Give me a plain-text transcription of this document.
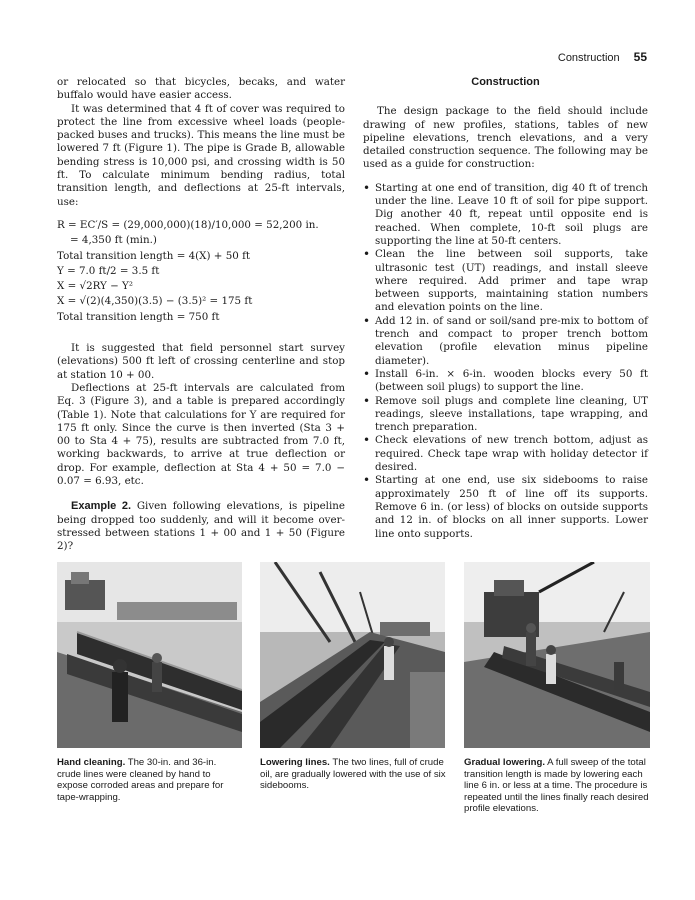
Construction 55

or relocated so that bicycles, becaks, and water buffalo would have easier access.

It was determined that 4 ft of cover was required to protect the line from excessive wheel loads (people-packed buses and trucks). This means the line must be lowered 7 ft (Figure 1). The pipe is Grade B, allowable bending stress is 10,000 psi, and crossing width is 50 ft. To calculate minimum bending radius, total transition length, and deflections at 25-ft intervals, use:

R = EC′/S = (29,000,000)(18)/10,000 = 52,200 in.
= 4,350 ft (min.)
Total transition length = 4(X) + 50 ft
Y = 7.0 ft/2 = 3.5 ft
X = √2RY − Y²
X = √(2)(4,350)(3.5) − (3.5)² = 175 ft
Total transition length = 750 ft

It is suggested that field personnel start survey (elevations) 500 ft left of crossing centerline and stop at station 10 + 00.

Deflections at 25-ft intervals are calculated from Eq. 3 (Figure 3), and a table is prepared accordingly (Table 1). Note that calculations for Y are required for 175 ft only. Since the curve is then inverted (Sta 3 + 00 to Sta 4 + 75), results are subtracted from 7.0 ft, working backwards, to arrive at true deflection or drop. For example, deflection at Sta 4 + 50 = 7.0 − 0.07 = 6.93, etc.

Example 2. Given following elevations, is pipeline being dropped too suddenly, and will it become over-stressed between stations 1 + 00 and 1 + 50 (Figure 2)?

Construction

The design package to the field should include drawing of new profiles, stations, tables of new pipeline elevations, trench elevations, and a very detailed construction sequence. The following may be used as a guide for construction:

• Starting at one end of transition, dig 40 ft of trench under the line. Leave 10 ft of soil for pipe support. Dig another 40 ft, repeat until opposite end is reached. When complete, 10-ft soil plugs are supporting the line at 50-ft centers.
• Clean the line between soil supports, take ultrasonic test (UT) readings, and install sleeve where required. Add primer and tape wrap between supports, maintaining station numbers and elevation points on the line.
• Add 12 in. of sand or soil/sand pre-mix to bottom of trench and compact to proper trench bottom elevation (profile elevation minus pipeline diameter).
• Install 6-in. × 6-in. wooden blocks every 50 ft (between soil plugs) to support the line.
• Remove soil plugs and complete line cleaning, UT readings, sleeve installations, tape wrapping, and trench preparation.
• Check elevations of new trench bottom, adjust as required. Check tape wrap with holiday detector if desired.
• Starting at one end, use six sidebooms to raise approximately 250 ft of line off its supports. Remove 6 in. (or less) of blocks on outside supports and 12 in. of blocks on all inner supports. Lower line onto supports.
Hand cleaning. The 30-in. and 36-in. crude lines were cleaned by hand to expose corroded areas and prepare for tape-wrapping.
Lowering lines. The two lines, full of crude oil, are gradually lowered with the use of six sidebooms.
Gradual lowering. A full sweep of the total transition length is made by lowering each line 6 in. or less at a time. The procedure is repeated until the lines finally reach desired profile elevations.
